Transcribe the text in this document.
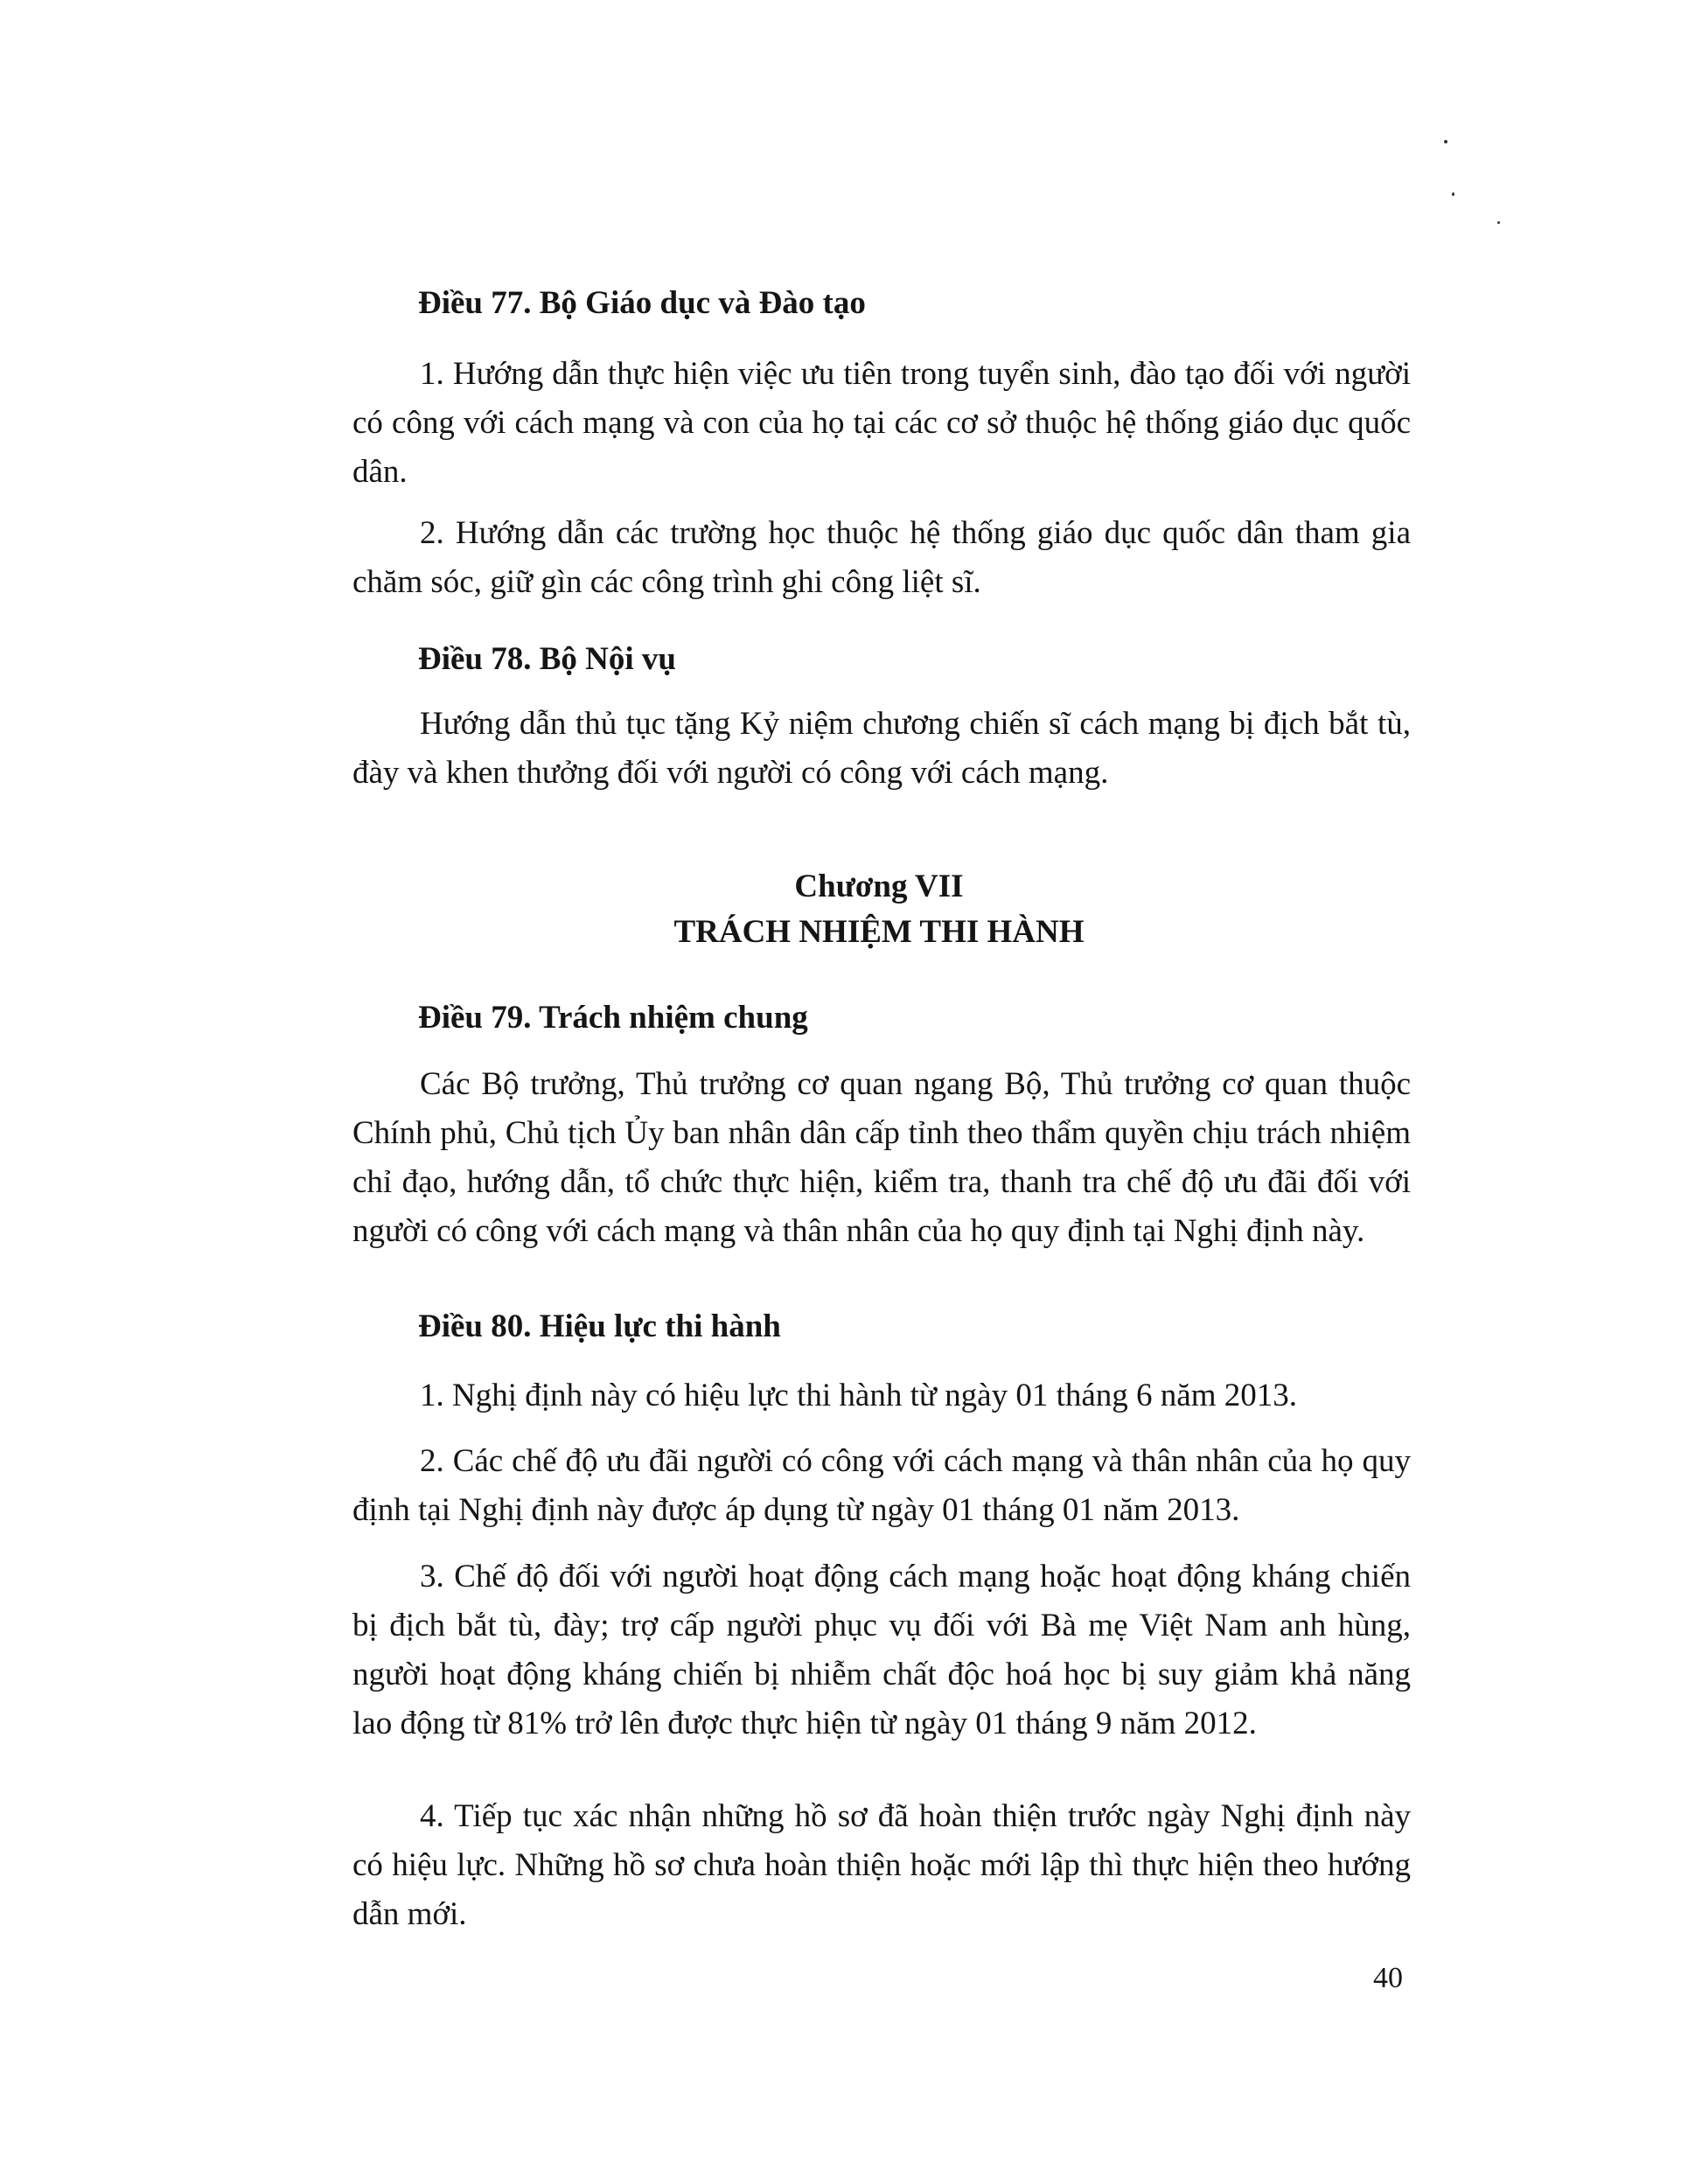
Điều 77. Bộ Giáo dục và Đào tạo

1. Hướng dẫn thực hiện việc ưu tiên trong tuyển sinh, đào tạo đối với người có công với cách mạng và con của họ tại các cơ sở thuộc hệ thống giáo dục quốc dân.

2. Hướng dẫn các trường học thuộc hệ thống giáo dục quốc dân tham gia chăm sóc, giữ gìn các công trình ghi công liệt sĩ.

Điều 78. Bộ Nội vụ

Hướng dẫn thủ tục tặng Kỷ niệm chương chiến sĩ cách mạng bị địch bắt tù, đày và khen thưởng đối với người có công với cách mạng.

Chương VII
TRÁCH NHIỆM THI HÀNH
Điều 79. Trách nhiệm chung

Các Bộ trưởng, Thủ trưởng cơ quan ngang Bộ, Thủ trưởng cơ quan thuộc Chính phủ, Chủ tịch Ủy ban nhân dân cấp tỉnh theo thẩm quyền chịu trách nhiệm chỉ đạo, hướng dẫn, tổ chức thực hiện, kiểm tra, thanh tra chế độ ưu đãi đối với người có công với cách mạng và thân nhân của họ quy định tại Nghị định này.

Điều 80. Hiệu lực thi hành

1. Nghị định này có hiệu lực thi hành từ ngày 01 tháng 6 năm 2013.

2. Các chế độ ưu đãi người có công với cách mạng và thân nhân của họ quy định tại Nghị định này được áp dụng từ ngày 01 tháng 01 năm 2013.

3. Chế độ đối với người hoạt động cách mạng hoặc hoạt động kháng chiến bị địch bắt tù, đày; trợ cấp người phục vụ đối với Bà mẹ Việt Nam anh hùng, người hoạt động kháng chiến bị nhiễm chất độc hoá học bị suy giảm khả năng lao động từ 81% trở lên được thực hiện từ ngày 01 tháng 9 năm 2012.

4. Tiếp tục xác nhận những hồ sơ đã hoàn thiện trước ngày Nghị định này có hiệu lực. Những hồ sơ chưa hoàn thiện hoặc mới lập thì thực hiện theo hướng dẫn mới.

40
